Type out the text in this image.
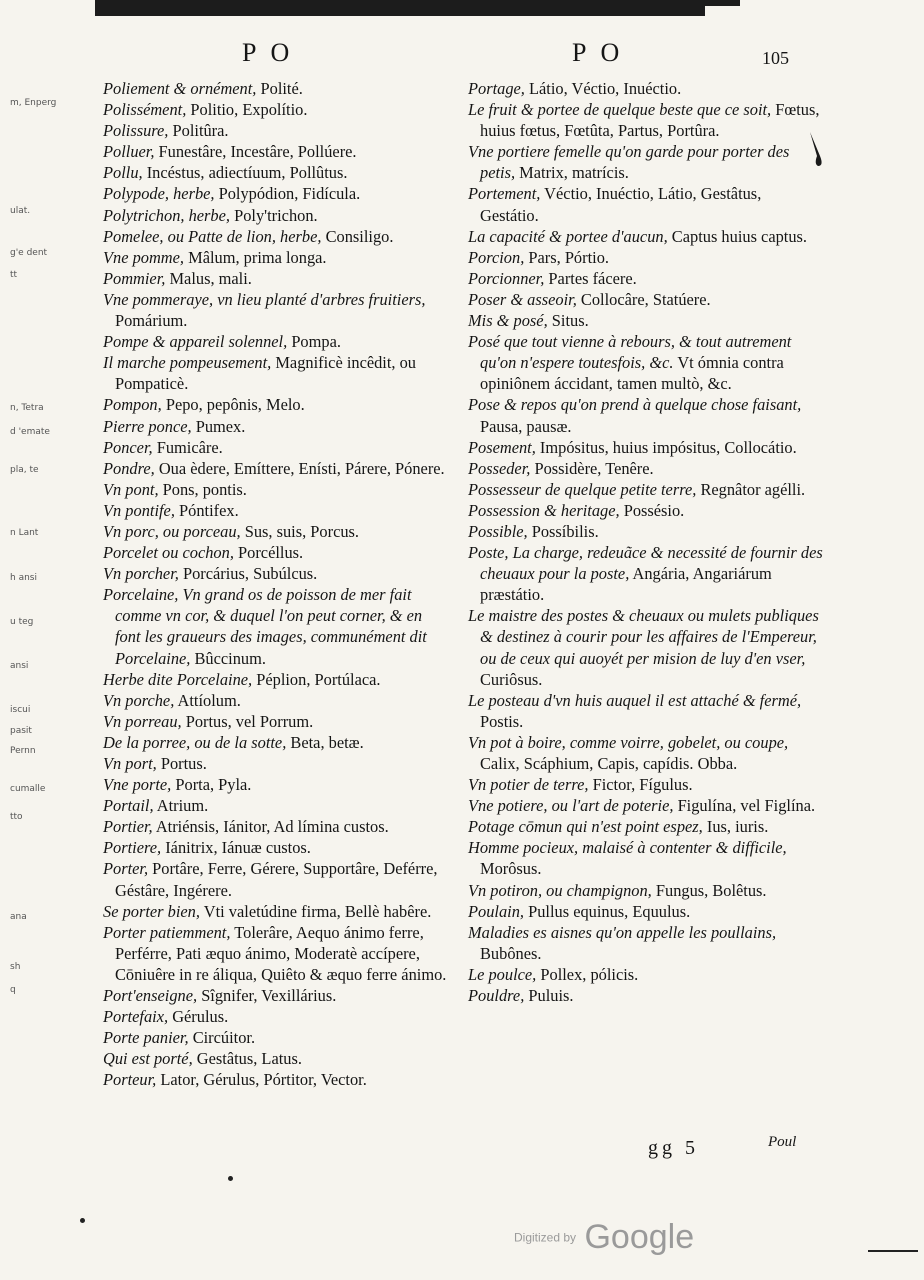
PO	PO	105
m, Enperg
ulat.
g'e dent
tt
n, Tetra
d 'emate
pla, te
n Lant
h ansi
u teg
ansi
iscui
pasit
Pernn
cumalle
tto
ana
sh
q
Poliement & ornément, Polité.
Polissément, Politio, Expolítio.
Polissure, Politûra.
Polluer, Funestâre, Incestâre, Pollúere.
Pollu, Incéstus, adiectíuum, Pollûtus.
Polypode, herbe, Polypódion, Fidícula.
Polytrichon, herbe, Poly'trichon.
Pomelee, ou Patte de lion, herbe, Consiligo.
Vne pomme, Mâlum, prima longa.
Pommier, Malus, mali.
Vne pommeraye, vn lieu planté d'arbres fruitiers, Pomárium.
Pompe & appareil solennel, Pompa.
Il marche pompeusement, Magnificè incêdit, ou Pompaticè.
Pompon, Pepo, pepônis, Melo.
Pierre ponce, Pumex.
Poncer, Fumicâre.
Pondre, Oua èdere, Emíttere, Enísti, Párere, Pónere.
Vn pont, Pons, pontis.
Vn pontife, Póntifex.
Vn porc, ou porceau, Sus, suis, Porcus.
Porcelet ou cochon, Porcéllus.
Vn porcher, Porcárius, Subúlcus.
Porcelaine, Vn grand os de poisson de mer fait comme vn cor, & duquel l'on peut corner, & en font les graueurs des images, communément dit Porcelaine, Bûccinum.
Herbe dite Porcelaine, Péplion, Portúlaca.
Vn porche, Attíolum.
Vn porreau, Portus, vel Porrum.
De la porree, ou de la sotte, Beta, betæ.
Vn port, Portus.
Vne porte, Porta, Pyla.
Portail, Atrium.
Portier, Atriénsis, Iánitor, Ad límina custos.
Portiere, Iánitrix, Iánuæ custos.
Porter, Portâre, Ferre, Gérere, Supportâre, Deférre, Géstâre, Ingérere.
Se porter bien, Vti valetúdine firma, Bellè habêre.
Porter patiemment, Tolerâre, Aequo ánimo ferre, Perférre, Pati æquo ánimo, Moderatè accípere, Cōniuêre in re áliqua, Quiêto & æquo ferre ánimo.
Port'enseigne, Sîgnifer, Vexillárius.
Portefaix, Gérulus.
Porte panier, Circúitor.
Qui est porté, Gestâtus, Latus.
Porteur, Lator, Gérulus, Pórtitor, Vector.
Portage, Látio, Véctio, Inuéctio.
Le fruit & portee de quelque beste que ce soit, Fœtus, huius fœtus, Fœtûta, Partus, Portûra.
Vne portiere femelle qu'on garde pour porter des petis, Matrix, matrícis.
Portement, Véctio, Inuéctio, Látio, Gestâtus, Gestátio.
La capacité & portee d'aucun, Captus huius captus.
Porcion, Pars, Pórtio.
Porcionner, Partes fácere.
Poser & asseoir, Collocâre, Statúere.
Mis & posé, Situs.
Posé que tout vienne à rebours, & tout autrement qu'on n'espere toutesfois, &c. Vt ómnia contra opiniônem áccidant, tamen multò, &c.
Pose & repos qu'on prend à quelque chose faisant, Pausa, pausæ.
Posement, Impósitus, huius impósitus, Collocátio.
Posseder, Possidère, Tenêre.
Possesseur de quelque petite terre, Regnâtor agélli.
Possession & heritage, Possésio.
Possible, Possíbilis.
Poste, La charge, redeuãce & necessité de fournir des cheuaux pour la poste, Angária, Angariárum præstátio.
Le maistre des postes & cheuaux ou mulets publiques & destinez à courir pour les affaires de l'Empereur, ou de ceux qui auoyét per mision de luy d'en vser, Curiôsus.
Le posteau d'vn huis auquel il est attaché & fermé, Postis.
Vn pot à boire, comme voirre, gobelet, ou coupe, Calix, Scáphium, Capis, capídis. Obba.
Vn potier de terre, Fictor, Fígulus.
Vne potiere, ou l'art de poterie, Figulína, vel Figlína.
Potage cōmun qui n'est point espez, Ius, iuris.
Homme pocieux, malaisé à contenter & difficile, Morôsus.
Vn potiron, ou champignon, Fungus, Bolêtus.
Poulain, Pullus equinus, Equulus.
Maladies es aisnes qu'on appelle les poullains, Bubônes.
Le poulce, Pollex, pólicis.
Pouldre, Puluis.
gg 5	Poul
Digitized by Google
